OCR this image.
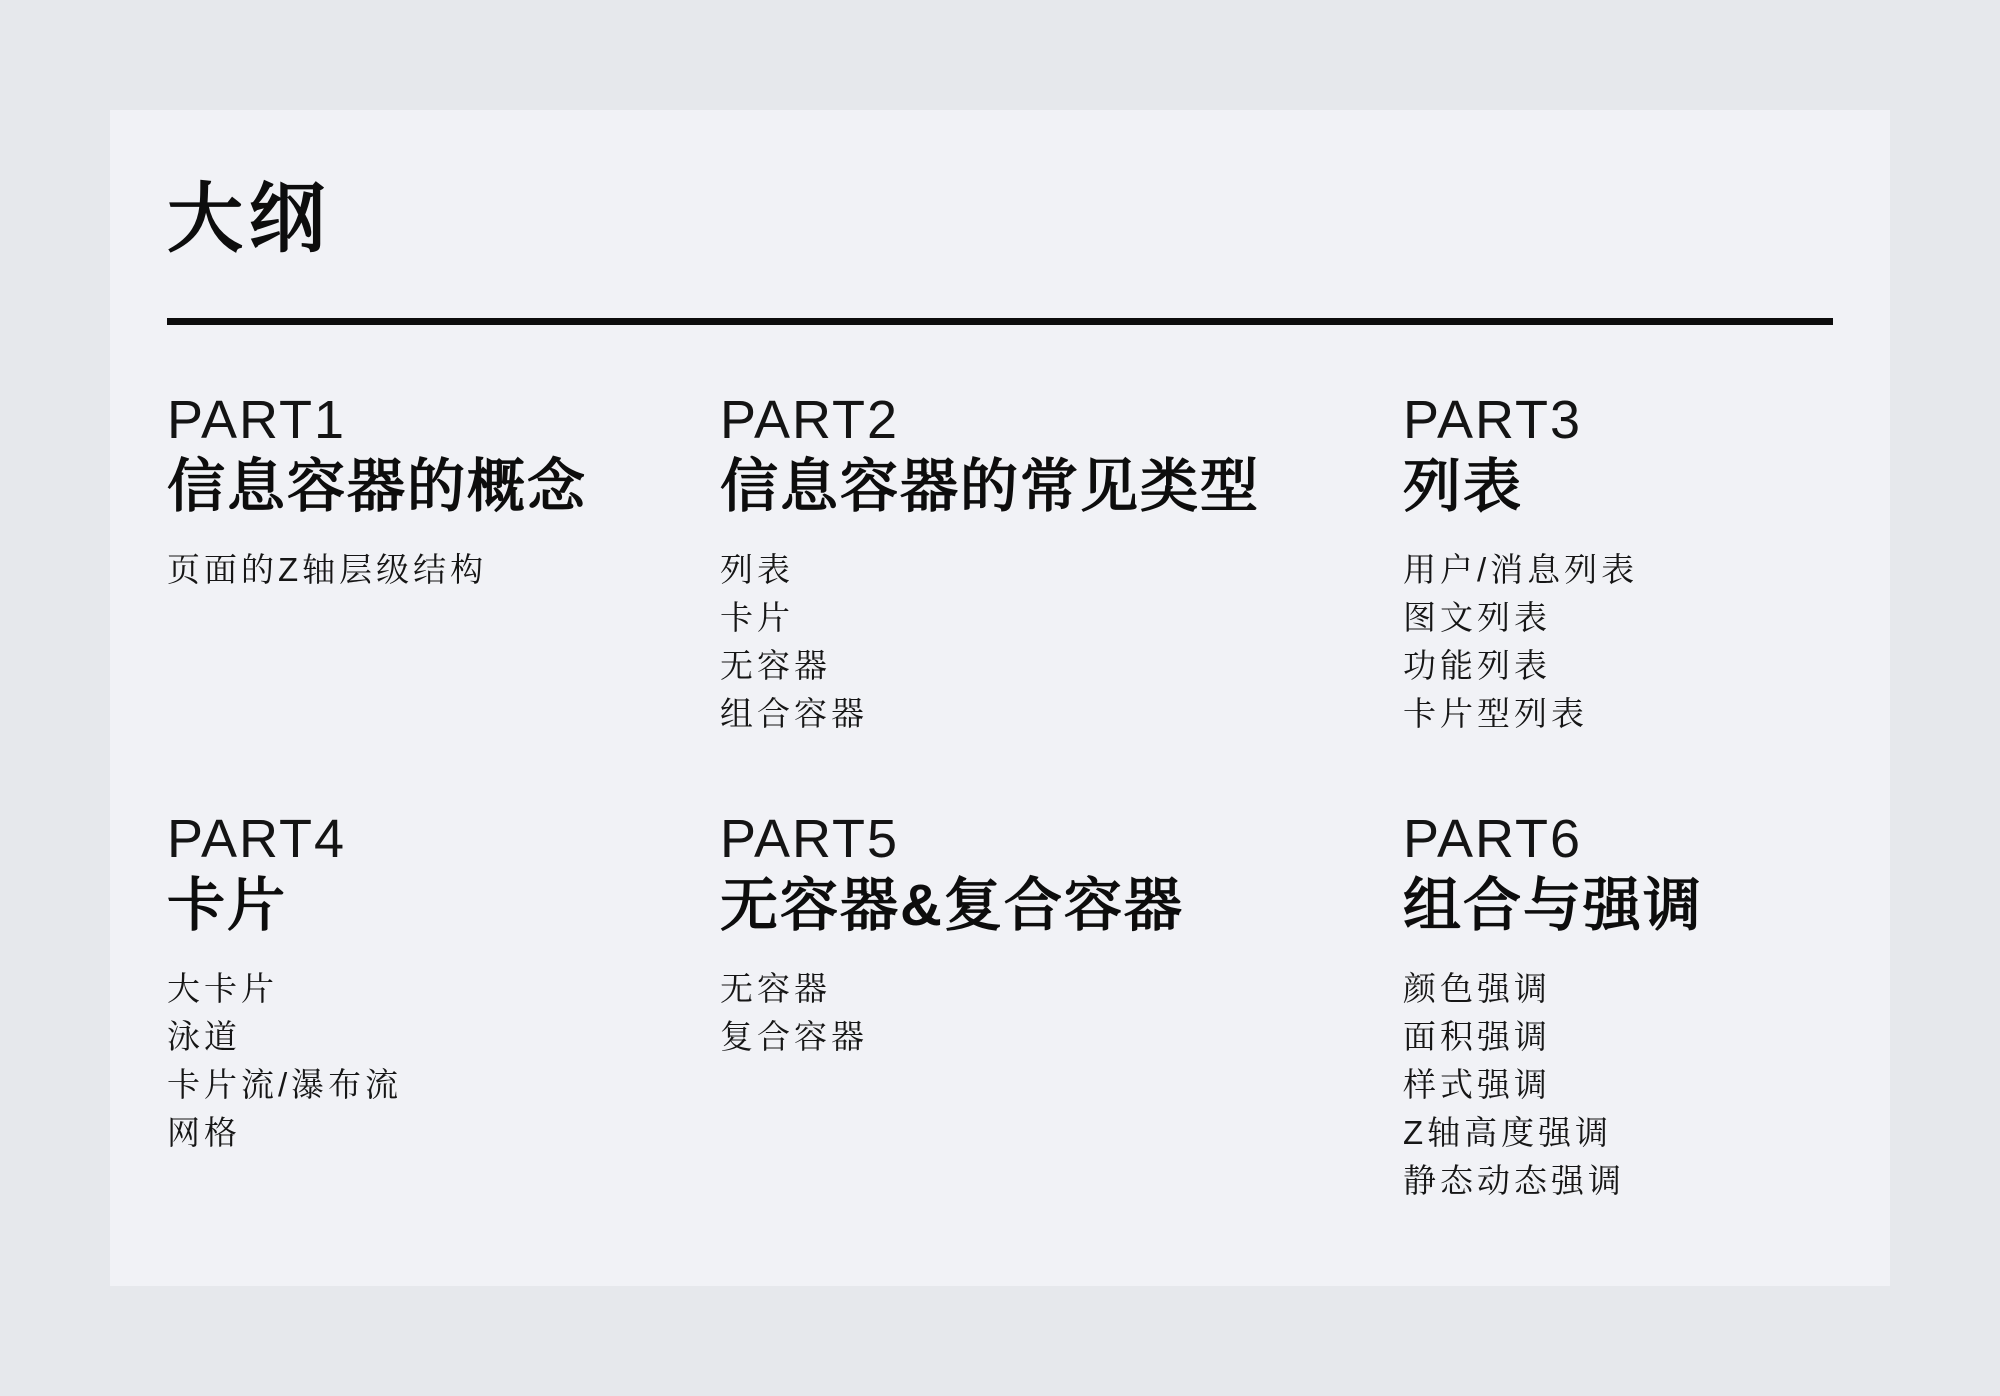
大纲
PART1
信息容器的概念
页面的Z轴层级结构
PART2
信息容器的常见类型
列表
卡片
无容器
组合容器
PART3
列表
用户/消息列表
图文列表
功能列表
卡片型列表
PART4
卡片
大卡片
泳道
卡片流/瀑布流
网格
PART5
无容器&复合容器
无容器
复合容器
PART6
组合与强调
颜色强调
面积强调
样式强调
Z轴高度强调
静态动态强调
